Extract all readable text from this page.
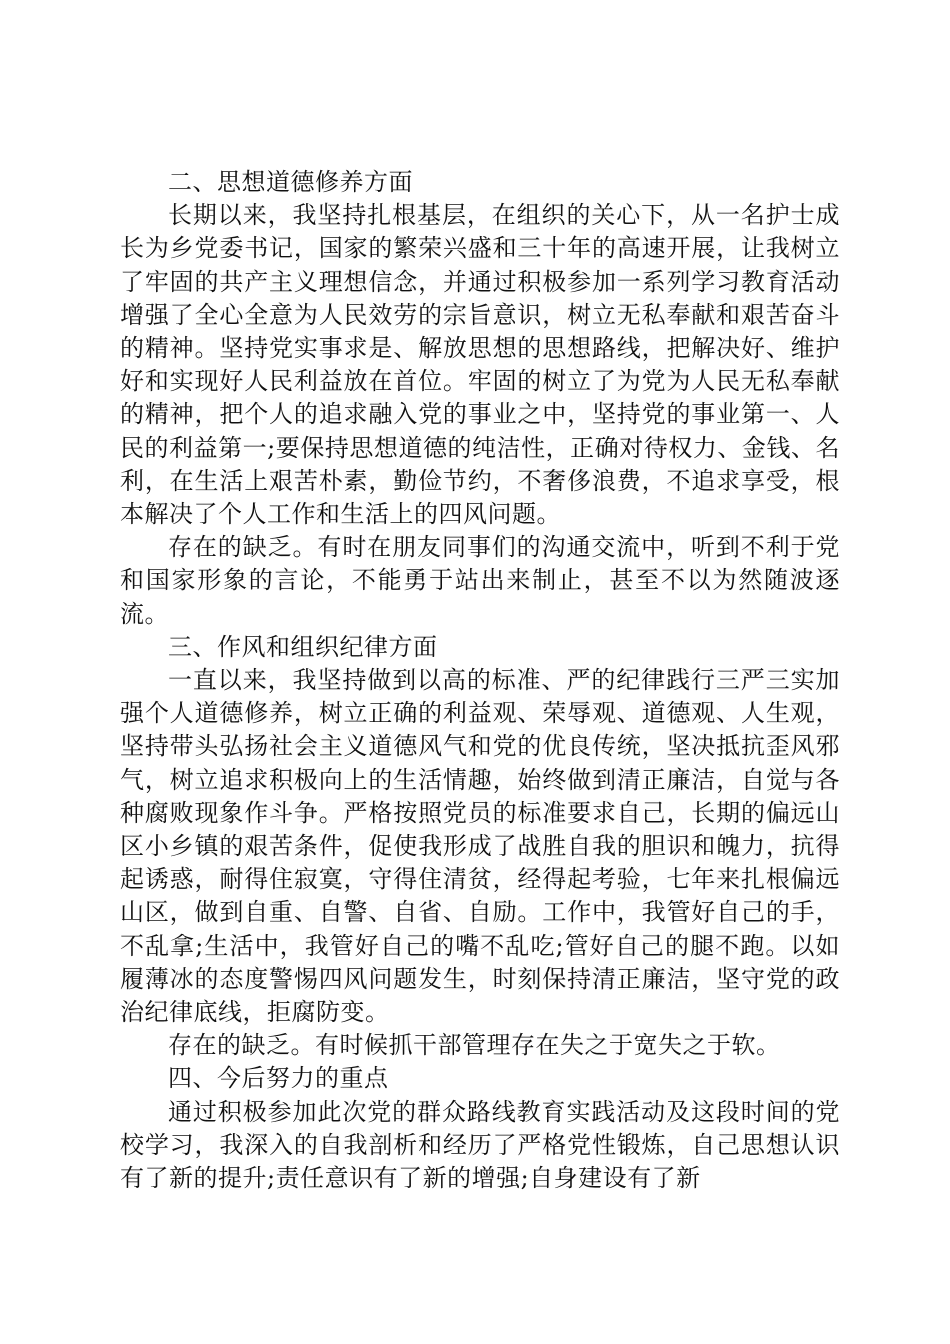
二、思想道德修养方面

长期以来，我坚持扎根基层，在组织的关心下，从一名护士成长为乡党委书记，国家的繁荣兴盛和三十年的高速开展，让我树立了牢固的共产主义理想信念，并通过积极参加一系列学习教育活动增强了全心全意为人民效劳的宗旨意识，树立无私奉献和艰苦奋斗的精神。坚持党实事求是、解放思想的思想路线，把解决好、维护好和实现好人民利益放在首位。牢固的树立了为党为人民无私奉献的精神，把个人的追求融入党的事业之中，坚持党的事业第一、人民的利益第一;要保持思想道德的纯洁性，正确对待权力、金钱、名利，在生活上艰苦朴素，勤俭节约，不奢侈浪费，不追求享受，根本解决了个人工作和生活上的四风问题。

存在的缺乏。有时在朋友同事们的沟通交流中，听到不利于党和国家形象的言论，不能勇于站出来制止，甚至不以为然随波逐流。

三、作风和组织纪律方面

一直以来，我坚持做到以高的标准、严的纪律践行三严三实加强个人道德修养，树立正确的利益观、荣辱观、道德观、人生观，坚持带头弘扬社会主义道德风气和党的优良传统，坚决抵抗歪风邪气，树立追求积极向上的生活情趣，始终做到清正廉洁，自觉与各种腐败现象作斗争。严格按照党员的标准要求自己，长期的偏远山区小乡镇的艰苦条件，促使我形成了战胜自我的胆识和魄力，抗得起诱惑，耐得住寂寞，守得住清贫，经得起考验，七年来扎根偏远山区，做到自重、自警、自省、自励。工作中，我管好自己的手，不乱拿;生活中，我管好自己的嘴不乱吃;管好自己的腿不跑。以如履薄冰的态度警惕四风问题发生，时刻保持清正廉洁，坚守党的政治纪律底线，拒腐防变。

存在的缺乏。有时候抓干部管理存在失之于宽失之于软。

四、今后努力的重点

通过积极参加此次党的群众路线教育实践活动及这段时间的党校学习，我深入的自我剖析和经历了严格党性锻炼，自己思想认识有了新的提升;责任意识有了新的增强;自身建设有了新
